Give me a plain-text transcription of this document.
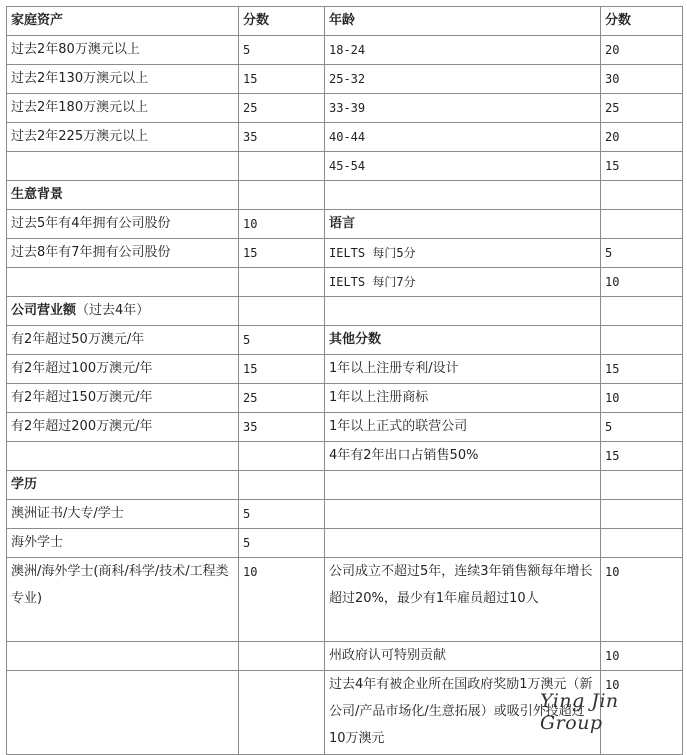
家庭资产	分数	年龄	分数
过去2年80万澳元以上	5	18-24	20
过去2年130万澳元以上	15	25-32	30
过去2年180万澳元以上	25	33-39	25
过去2年225万澳元以上	35	40-44	20
		45-54	15
生意背景			
过去5年有4年拥有公司股份	10	语言	
过去8年有7年拥有公司股份	15	IELTS 每门5分	5
		IELTS 每门7分	10
公司营业额（过去4年）			
有2年超过50万澳元/年	5	其他分数	
有2年超过100万澳元/年	15	1年以上注册专利/设计	15
有2年超过150万澳元/年	25	1年以上注册商标	10
有2年超过200万澳元/年	35	1年以上正式的联营公司	5
		4年有2年出口占销售50%	15
学历			
澳洲证书/大专/学士	5		
海外学士	5		
澳洲/海外学士(商科/科学/技术/工程类专业)	10	公司成立不超过5年，连续3年销售额每年增长超过20%，最少有1年雇员超过10人	10
		州政府认可特别贡献	10
		过去4年有被企业所在国政府奖励1万澳元（新公司/产品市场化/生意拓展）或吸引外投超过10万澳元	10
Ying Jin Group
